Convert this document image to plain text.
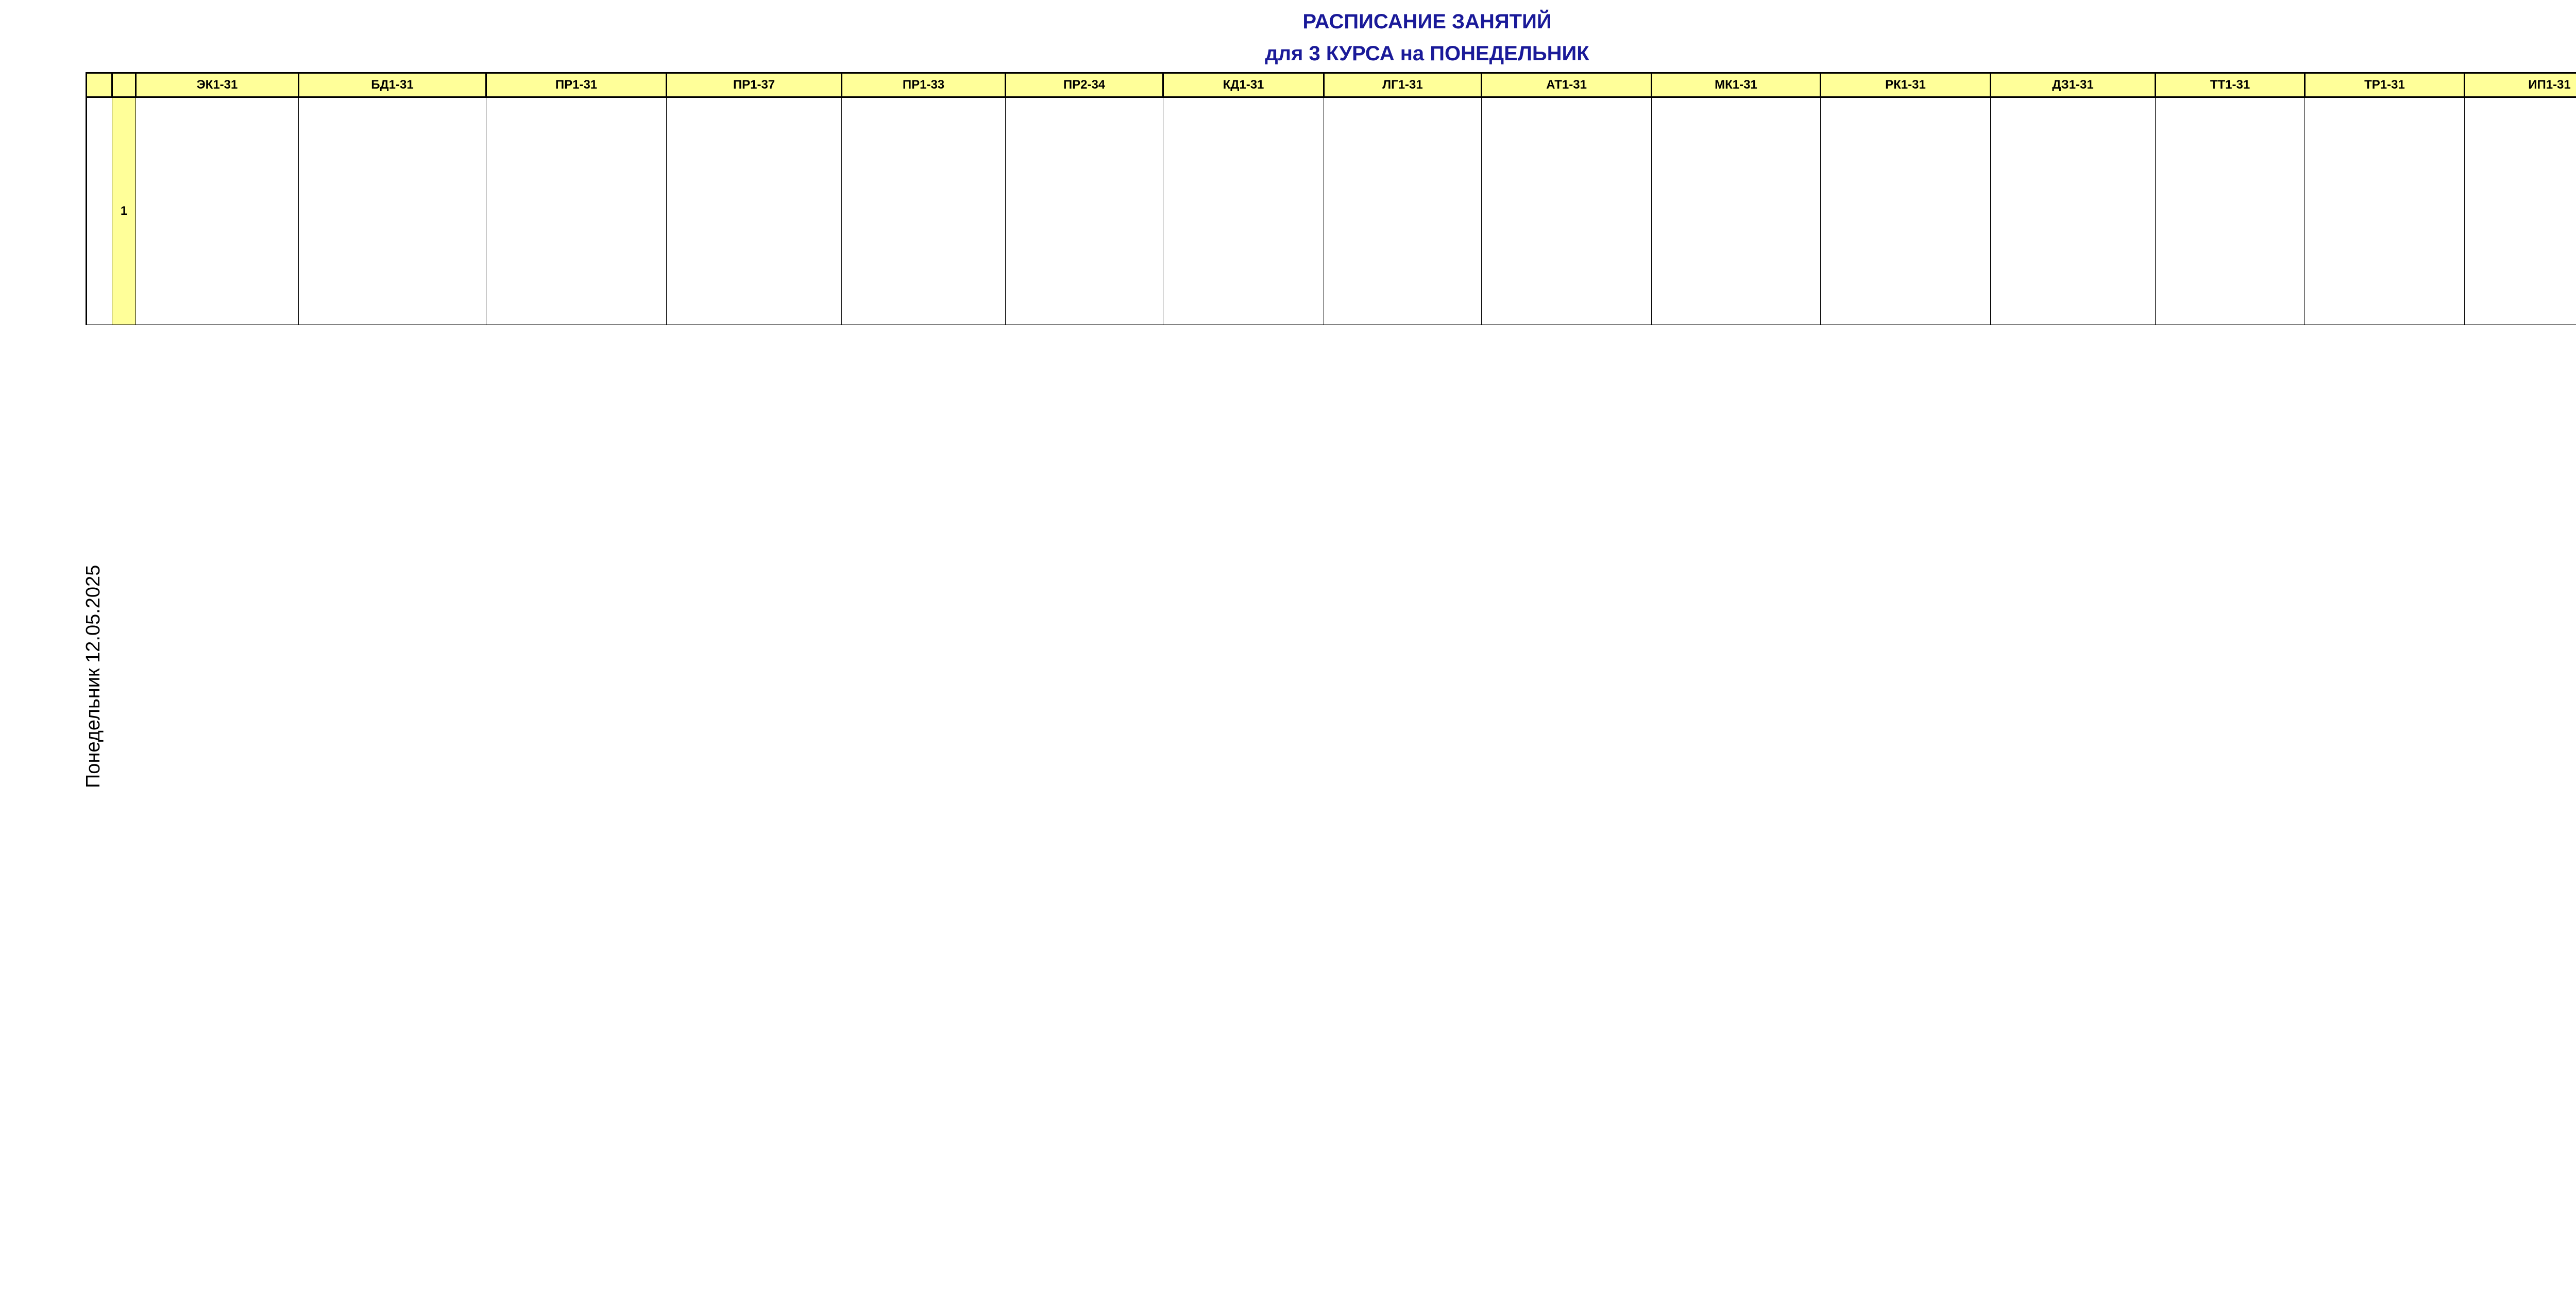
РАСПИСАНИЕ ЗАНЯТИЙ
для 3 КУРСА на ПОНЕДЕЛЬНИК
Понедельник 12.05.2025
		ЭК1-31	БД1-31	ПР1-31	ПР1-37	ПР1-33	ПР2-34	КД1-31	ЛГ1-31	АТ1-31	МК1-31	РК1-31	ДЗ1-31	ТТ1-31	ТР1-31	ИП1-31	
	1																
